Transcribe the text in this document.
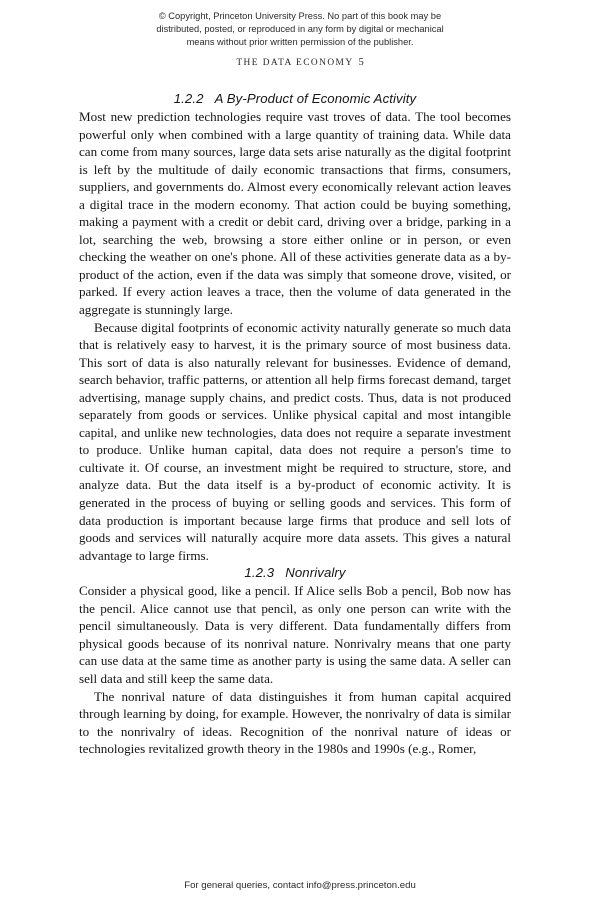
© Copyright, Princeton University Press. No part of this book may be
distributed, posted, or reproduced in any form by digital or mechanical
means without prior written permission of the publisher.
THE DATA ECONOMY 5
1.2.2 A By-Product of Economic Activity

Most new prediction technologies require vast troves of data. The tool becomes powerful only when combined with a large quantity of training data. While data can come from many sources, large data sets arise naturally as the digital footprint is left by the multitude of daily economic transactions that firms, consumers, suppliers, and governments do. Almost every economically relevant action leaves a digital trace in the modern economy. That action could be buying something, making a payment with a credit or debit card, driving over a bridge, parking in a lot, searching the web, browsing a store either online or in person, or even checking the weather on one's phone. All of these activities generate data as a by-product of the action, even if the data was simply that someone drove, visited, or parked. If every action leaves a trace, then the volume of data generated in the aggregate is stunningly large.

Because digital footprints of economic activity naturally generate so much data that is relatively easy to harvest, it is the primary source of most business data. This sort of data is also naturally relevant for businesses. Evidence of demand, search behavior, traffic patterns, or attention all help firms forecast demand, target advertising, manage supply chains, and predict costs. Thus, data is not produced separately from goods or services. Unlike physical capital and most intangible capital, and unlike new technologies, data does not require a separate investment to produce. Unlike human capital, data does not require a person's time to cultivate it. Of course, an investment might be required to structure, store, and analyze data. But the data itself is a by-product of economic activity. It is generated in the process of buying or selling goods and services. This form of data production is important because large firms that produce and sell lots of goods and services will naturally acquire more data assets. This gives a natural advantage to large firms.

1.2.3 Nonrivalry

Consider a physical good, like a pencil. If Alice sells Bob a pencil, Bob now has the pencil. Alice cannot use that pencil, as only one person can write with the pencil simultaneously. Data is very different. Data fundamentally differs from physical goods because of its nonrival nature. Nonrivalry means that one party can use data at the same time as another party is using the same data. A seller can sell data and still keep the same data.

The nonrival nature of data distinguishes it from human capital acquired through learning by doing, for example. However, the nonrivalry of data is similar to the nonrivalry of ideas. Recognition of the nonrival nature of ideas or technologies revitalized growth theory in the 1980s and 1990s (e.g., Romer,

For general queries, contact info@press.princeton.edu
